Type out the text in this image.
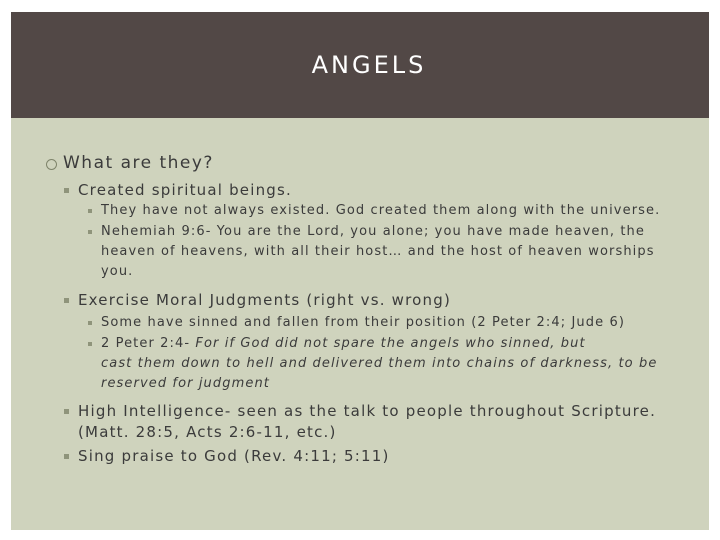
ANGELS
What are they?
Created spiritual beings.
They have not always existed. God created them along with the universe.
Nehemiah 9:6- You are the Lord, you alone; you have made heaven, the
heaven of heavens, with all their host… and the host of heaven worships
you.
Exercise Moral Judgments (right vs. wrong)
Some have sinned and fallen from their position (2 Peter 2:4; Jude 6)
2 Peter 2:4- For if God did not spare the angels who sinned, but
cast them down to hell and delivered them into chains of darkness, to be
reserved for judgment
High Intelligence- seen as the talk to people throughout Scripture.
(Matt. 28:5, Acts 2:6-11, etc.)
Sing praise to God (Rev. 4:11; 5:11)
